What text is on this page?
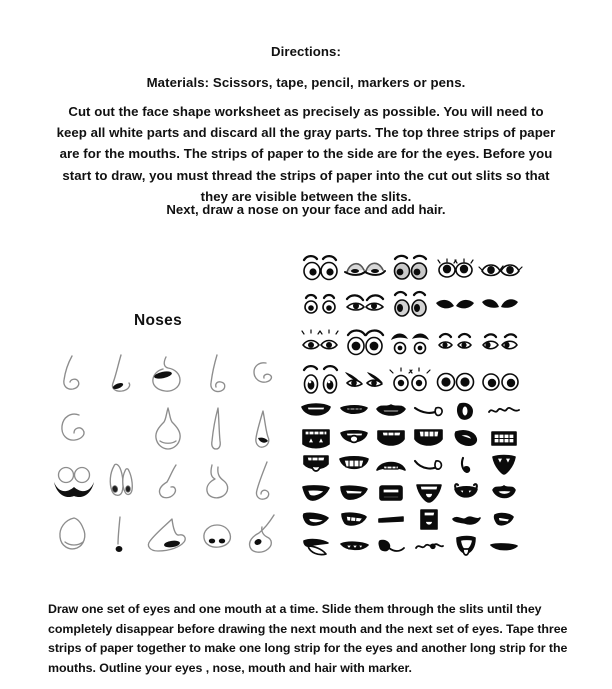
Directions:
Materials: Scissors, tape, pencil, markers or pens.
Cut out the face shape worksheet as precisely as possible. You will need to keep all white parts and discard all the gray parts. The top three strips of paper are for the mouths. The strips of paper to the side are for the eyes. Before you start to draw, you must thread the strips of paper into the cut out slits so that they are visible between the slits.
Next, draw a nose on your face and add hair.
Noses
Draw one set of eyes and one mouth at a time. Slide them through the slits until they completely disappear before drawing the next mouth and the next set of eyes. Tape three strips of paper together to make one long strip for the eyes and another long strip for the mouths. Outline your eyes , nose, mouth and hair with marker.
